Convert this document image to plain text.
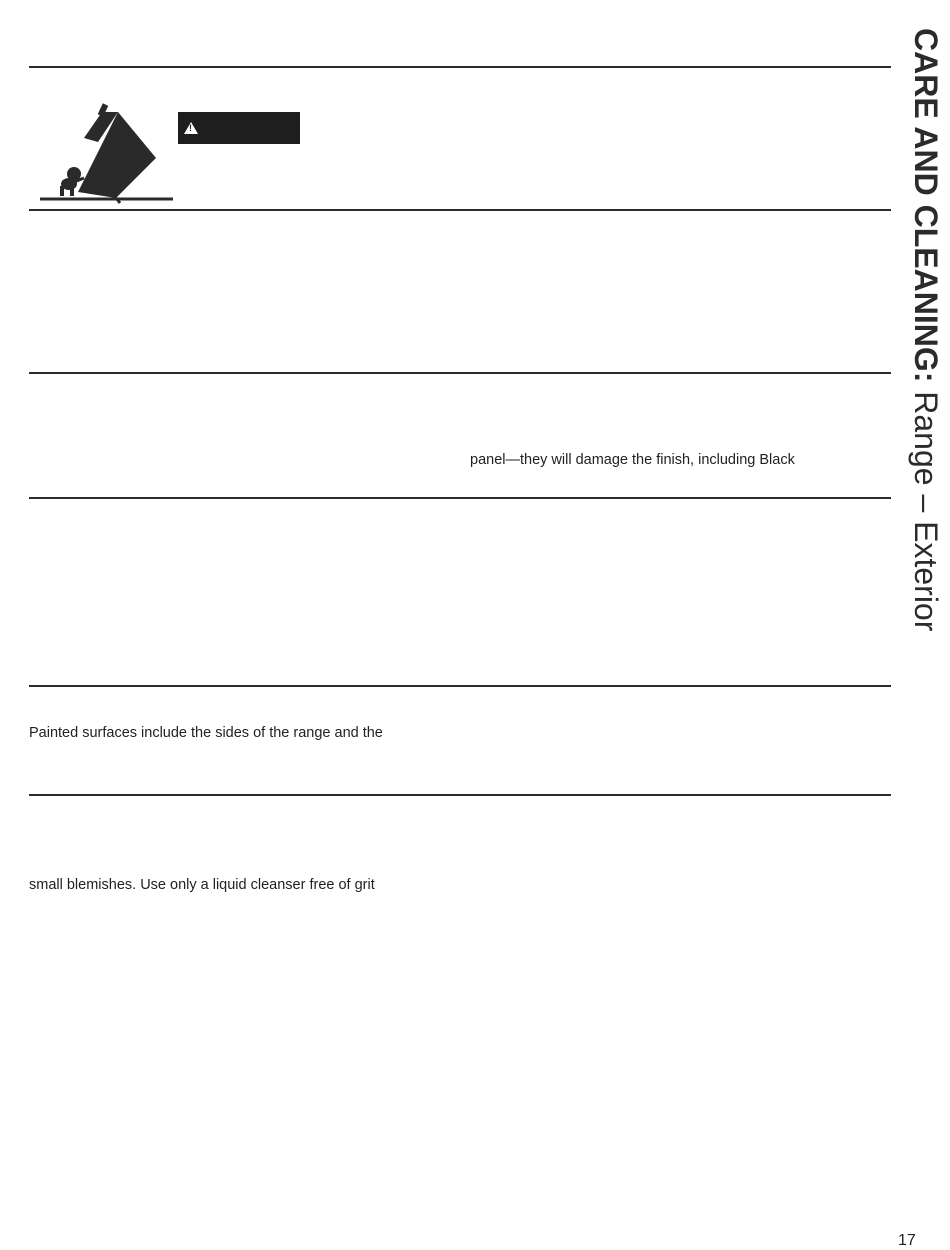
!
panel—they will damage the finish, including Black
Painted surfaces include the sides of the range and the
small blemishes. Use only a liquid cleanser free of grit
CARE AND CLEANING: Range – Exterior
17
